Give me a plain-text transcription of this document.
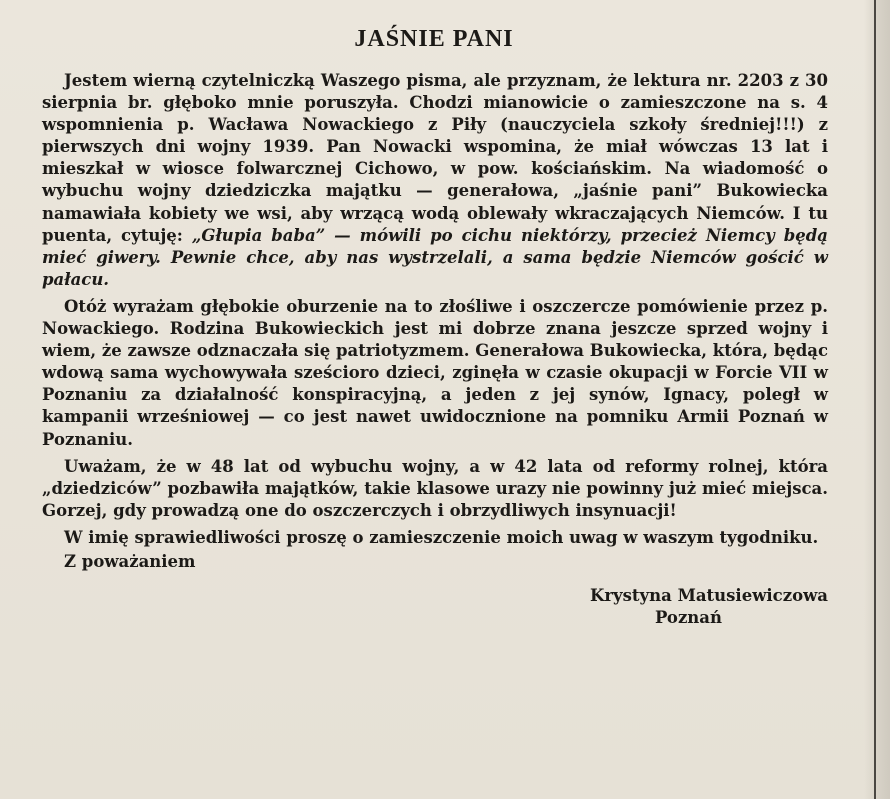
JAŚNIE PANI

Jestem wierną czytelniczką Waszego pisma, ale przyznam, że lektura nr. 2203 z 30 sierpnia br. głęboko mnie poruszyła. Chodzi mianowicie o zamieszczone na s. 4 wspomnienia p. Wacława Nowackiego z Piły (nauczyciela szkoły średniej!!!) z pierwszych dni wojny 1939. Pan Nowacki wspomina, że miał wówczas 13 lat i mieszkał w wiosce folwarcznej Cichowo, w pow. kościańskim. Na wiadomość o wybuchu wojny dziedziczka majątku — generałowa, „jaśnie pani” Bukowiecka namawiała kobiety we wsi, aby wrzącą wodą oblewały wkraczających Niemców. I tu puenta, cytuję: „Głupia baba” — mówili po cichu niektórzy, przecież Niemcy będą mieć giwery. Pewnie chce, aby nas wystrzelali, a sama będzie Niemców gościć w pałacu.

Otóż wyrażam głębokie oburzenie na to złośliwe i oszczercze pomówienie przez p. Nowackiego. Rodzina Bukowieckich jest mi dobrze znana jeszcze sprzed wojny i wiem, że zawsze odznaczała się patriotyzmem. Generałowa Bukowiecka, która, będąc wdową sama wychowywała sześcioro dzieci, zginęła w czasie okupacji w Forcie VII w Poznaniu za działalność konspiracyjną, a jeden z jej synów, Ignacy, poległ w kampanii wrześniowej — co jest nawet uwidocznione na pomniku Armii Poznań w Poznaniu.

Uważam, że w 48 lat od wybuchu wojny, a w 42 lata od reformy rolnej, która „dziedziców” pozbawiła majątków, takie klasowe urazy nie powinny już mieć miejsca. Gorzej, gdy prowadzą one do oszczerczych i obrzydliwych insynuacji!

W imię sprawiedliwości proszę o zamieszczenie moich uwag w waszym tygodniku.

Z poważaniem

Krystyna Matusiewiczowa
Poznań
